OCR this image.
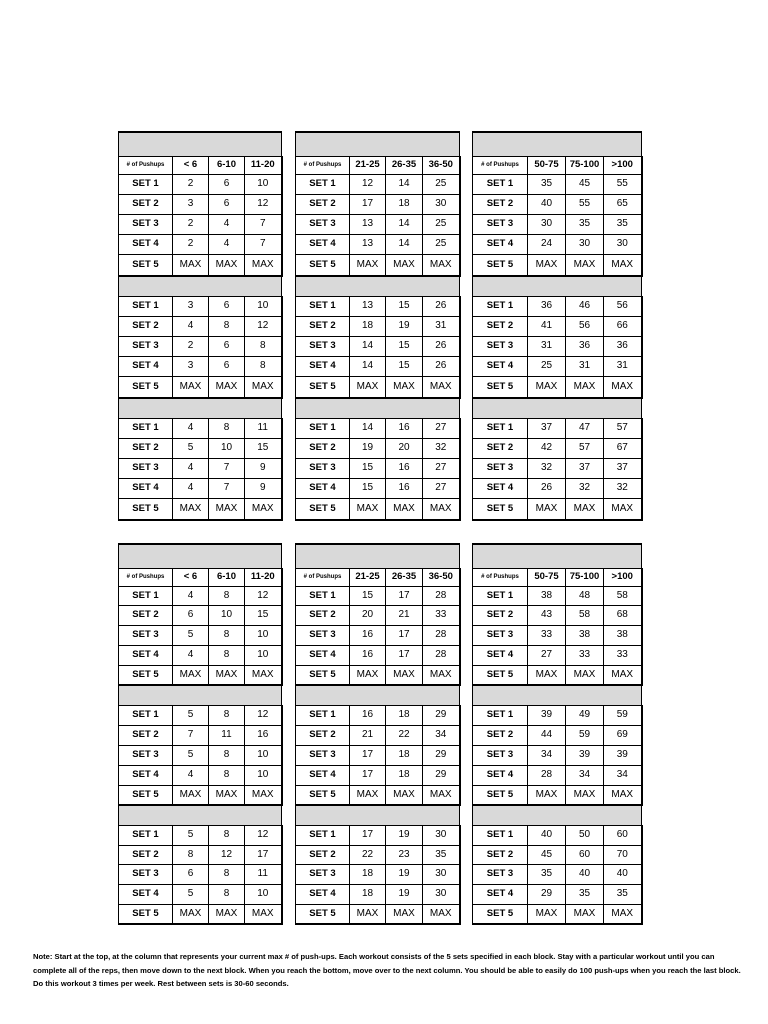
# of Pushups	< 6	6-10	11-20
SET 1	2	6	10
SET 2	3	6	12
SET 3	2	4	7
SET 4	2	4	7
SET 5	MAX	MAX	MAX

SET 1	3	6	10
SET 2	4	8	12
SET 3	2	6	8
SET 4	3	6	8
SET 5	MAX	MAX	MAX

SET 1	4	8	11
SET 2	5	10	15
SET 3	4	7	9
SET 4	4	7	9
SET 5	MAX	MAX	MAX

# of Pushups	21-25	26-35	36-50
SET 1	12	14	25
SET 2	17	18	30
SET 3	13	14	25
SET 4	13	14	25
SET 5	MAX	MAX	MAX

SET 1	13	15	26
SET 2	18	19	31
SET 3	14	15	26
SET 4	14	15	26
SET 5	MAX	MAX	MAX

SET 1	14	16	27
SET 2	19	20	32
SET 3	15	16	27
SET 4	15	16	27
SET 5	MAX	MAX	MAX

# of Pushups	50-75	75-100	>100
SET 1	35	45	55
SET 2	40	55	65
SET 3	30	35	35
SET 4	24	30	30
SET 5	MAX	MAX	MAX

SET 1	36	46	56
SET 2	41	56	66
SET 3	31	36	36
SET 4	25	31	31
SET 5	MAX	MAX	MAX

SET 1	37	47	57
SET 2	42	57	67
SET 3	32	37	37
SET 4	26	32	32
SET 5	MAX	MAX	MAX

# of Pushups	< 6	6-10	11-20
SET 1	4	8	12
SET 2	6	10	15
SET 3	5	8	10
SET 4	4	8	10
SET 5	MAX	MAX	MAX

SET 1	5	8	12
SET 2	7	11	16
SET 3	5	8	10
SET 4	4	8	10
SET 5	MAX	MAX	MAX

SET 1	5	8	12
SET 2	8	12	17
SET 3	6	8	11
SET 4	5	8	10
SET 5	MAX	MAX	MAX

# of Pushups	21-25	26-35	36-50
SET 1	15	17	28
SET 2	20	21	33
SET 3	16	17	28
SET 4	16	17	28
SET 5	MAX	MAX	MAX

SET 1	16	18	29
SET 2	21	22	34
SET 3	17	18	29
SET 4	17	18	29
SET 5	MAX	MAX	MAX

SET 1	17	19	30
SET 2	22	23	35
SET 3	18	19	30
SET 4	18	19	30
SET 5	MAX	MAX	MAX

# of Pushups	50-75	75-100	>100
SET 1	38	48	58
SET 2	43	58	68
SET 3	33	38	38
SET 4	27	33	33
SET 5	MAX	MAX	MAX

SET 1	39	49	59
SET 2	44	59	69
SET 3	34	39	39
SET 4	28	34	34
SET 5	MAX	MAX	MAX

SET 1	40	50	60
SET 2	45	60	70
SET 3	35	40	40
SET 4	29	35	35
SET 5	MAX	MAX	MAX
Note: Start at the top, at the column that represents your current max # of push-ups. Each workout consists of the 5 sets specified in each block. Stay with a particular workout until you can complete all of the reps, then move down to the next block. When you reach the bottom, move over to the next column. You should be able to easily do 100 push-ups when you reach the last block. Do this workout 3 times per week. Rest between sets is 30-60 seconds.
